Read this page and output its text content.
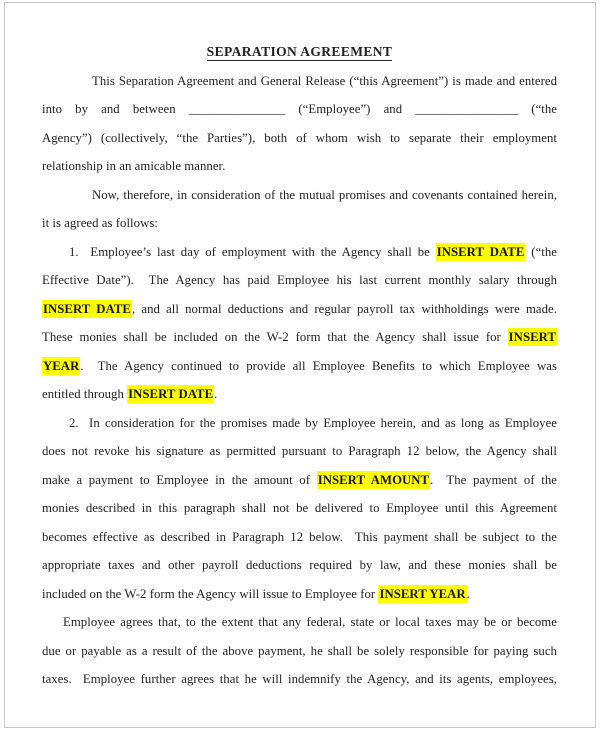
SEPARATION AGREEMENT
This Separation Agreement and General Release (“this Agreement”) is made and entered
into by and between _______________ (“Employee”) and ________________ (“the
Agency”) (collectively, “the Parties”), both of whom wish to separate their employment
relationship in an amicable manner.
Now, therefore, in consideration of the mutual promises and covenants contained herein,
it is agreed as follows:
1.  Employee’s last day of employment with the Agency shall be INSERT DATE (“the
Effective Date”).  The Agency has paid Employee his last current monthly salary through
INSERT DATE, and all normal deductions and regular payroll tax withholdings were made.
These monies shall be included on the W-2 form that the Agency shall issue for INSERT
YEAR.  The Agency continued to provide all Employee Benefits to which Employee was
entitled through INSERT DATE.
2.  In consideration for the promises made by Employee herein, and as long as Employee
does not revoke his signature as permitted pursuant to Paragraph 12 below, the Agency shall
make a payment to Employee in the amount of INSERT AMOUNT.  The payment of the
monies described in this paragraph shall not be delivered to Employee until this Agreement
becomes effective as described in Paragraph 12 below.  This payment shall be subject to the
appropriate taxes and other payroll deductions required by law, and these monies shall be
included on the W-2 form the Agency will issue to Employee for INSERT YEAR.
Employee agrees that, to the extent that any federal, state or local taxes may be or become
due or payable as a result of the above payment, he shall be solely responsible for paying such
taxes.  Employee further agrees that he will indemnify the Agency, and its agents, employees,
